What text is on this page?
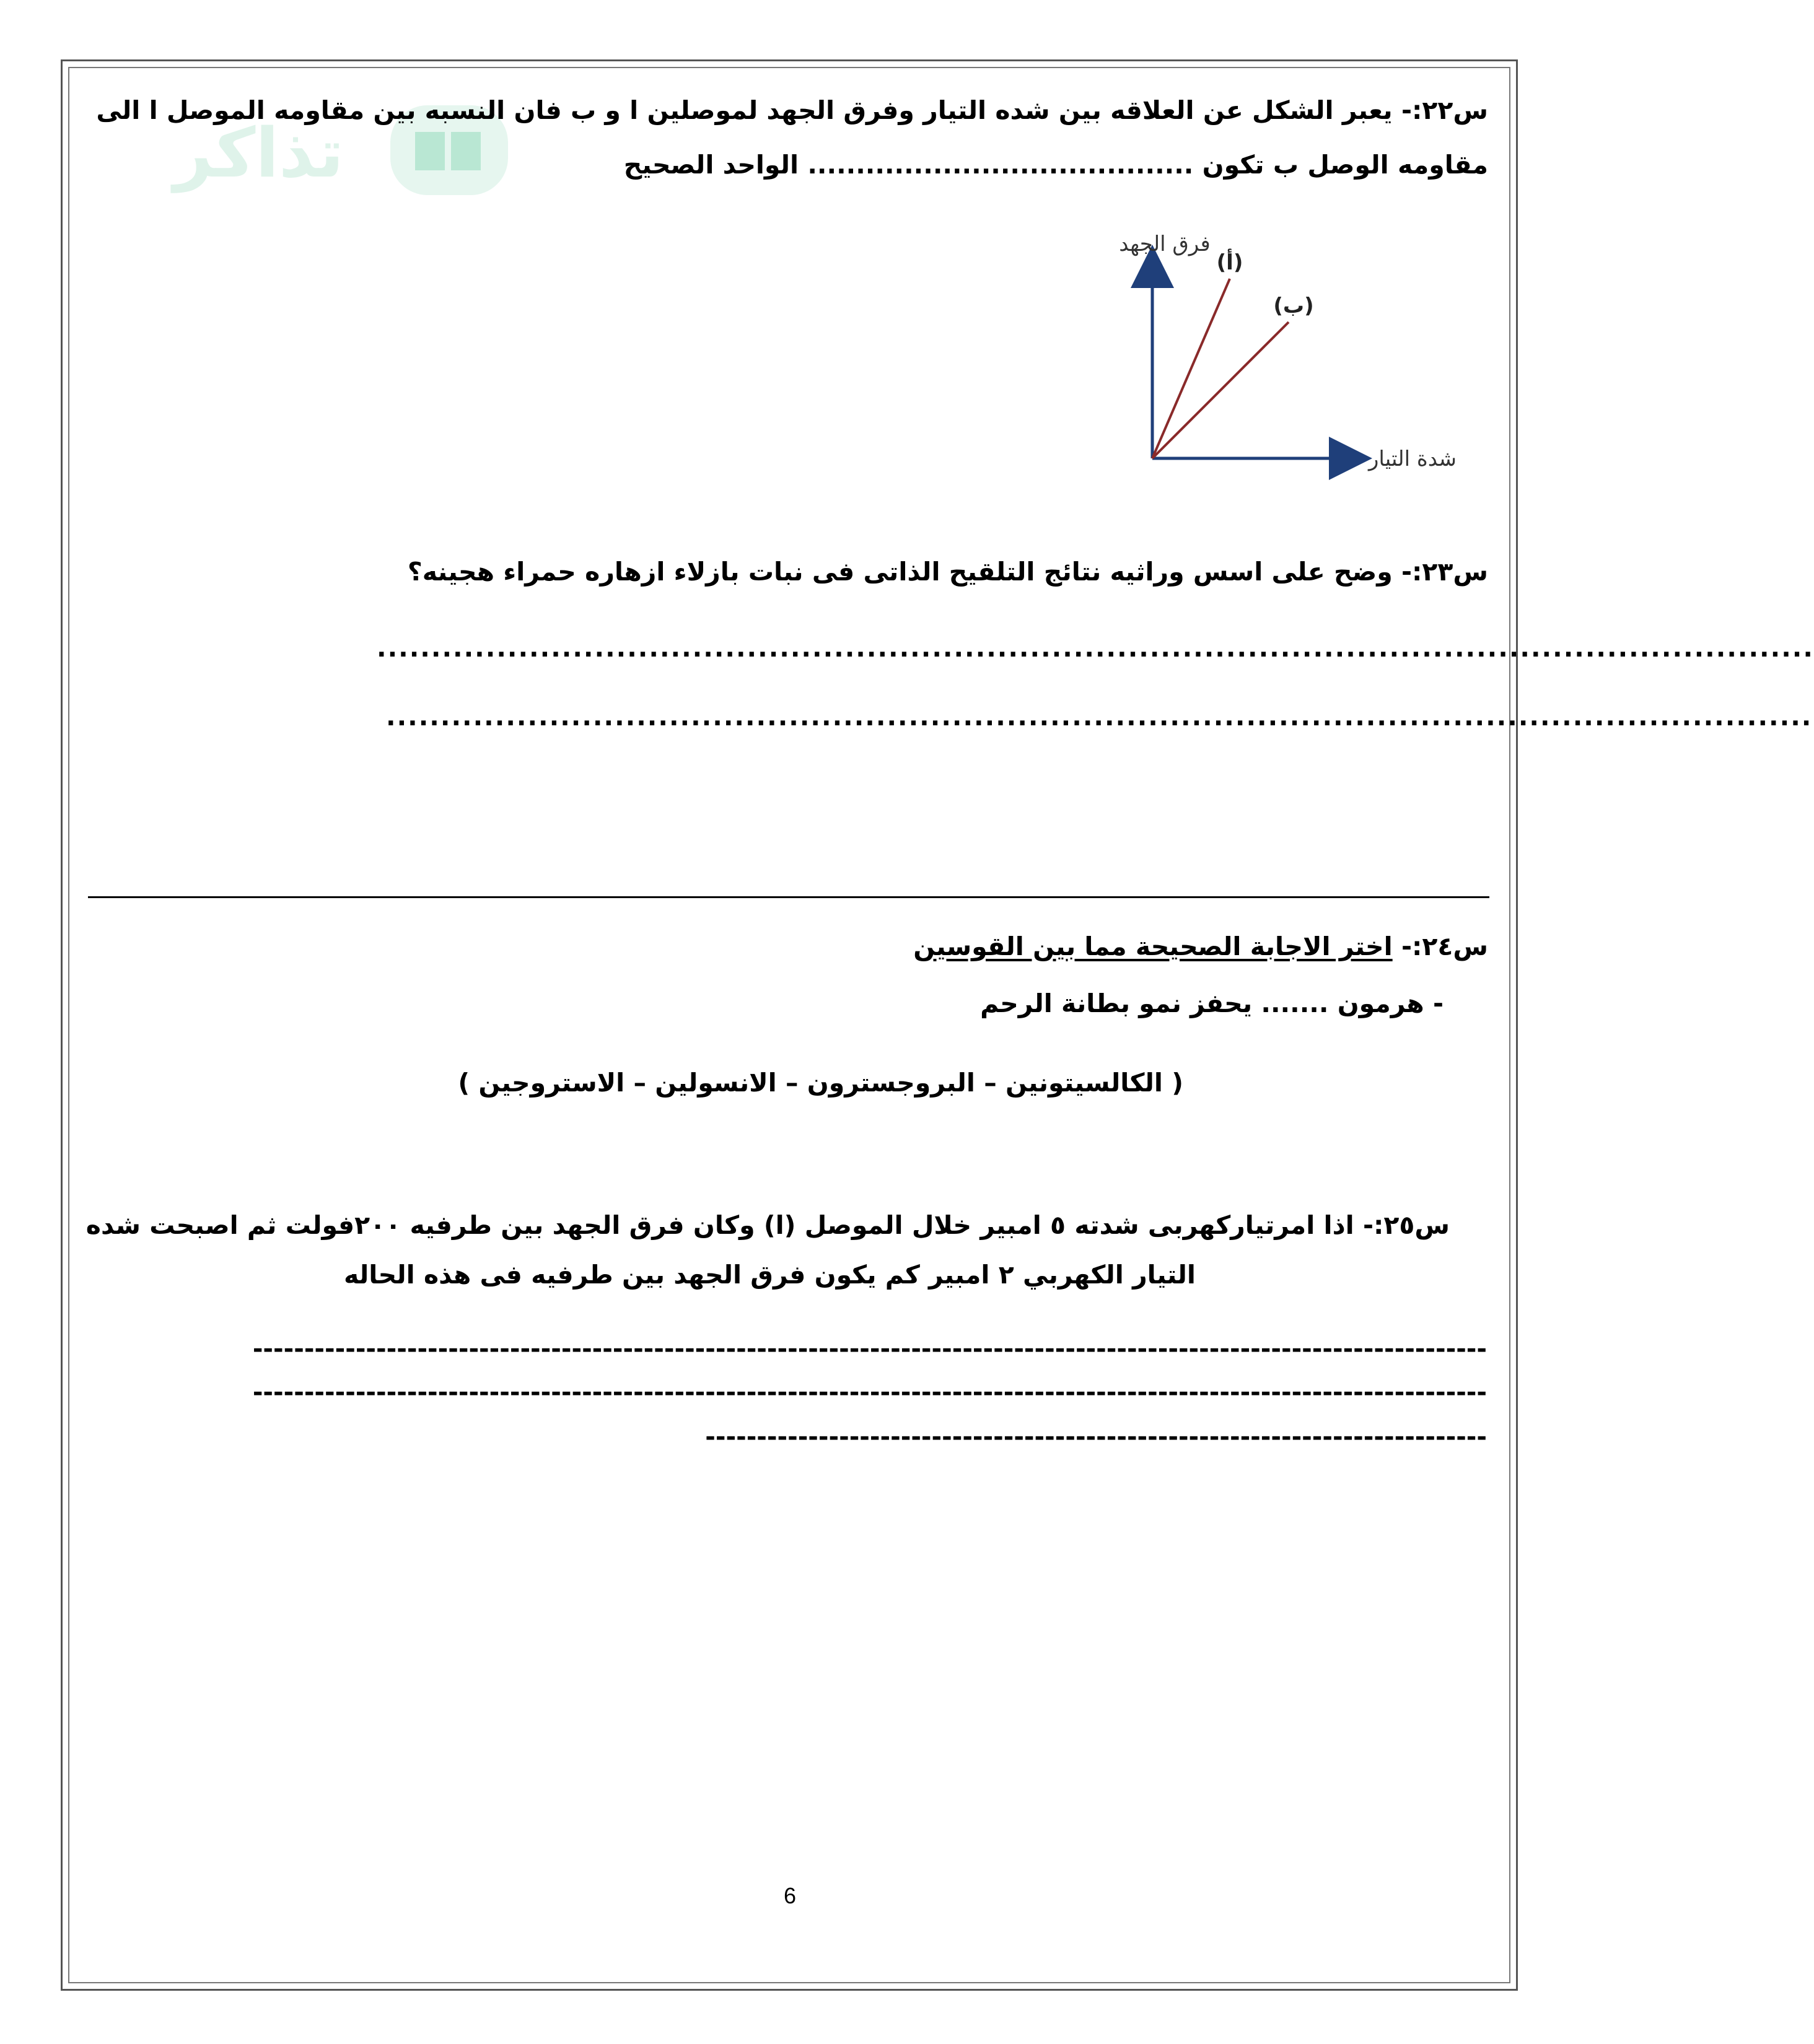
تذاكر
س٢٢:- يعبر الشكل عن العلاقه بين شده التيار وفرق الجهد لموصلين ا و ب فان النسبه بين مقاومه الموصل ا الى
مقاومه الوصل ب تكون ........................................ الواحد الصحيح
فرق الجهد
(أ)
(ب)
شدة التيار
س٢٣:- وضح على اسس وراثيه نتائج التلقيح الذاتى فى نبات بازلاء ازهاره حمراء هجينه؟
....................................................................................................................................
...................................................................................................................................
س٢٤:- اختر الاجابة الصحيحة مما بين القوسين
- هرمون ....... يحفز نمو بطانة الرحم
( الكالسيتونين – البروجسترون – الانسولين – الاستروجين )
س٢٥:- اذا امرتياركهربى شدته ٥ امبير خلال الموصل (ا) وكان فرق الجهد بين طرفيه ٢٠٠فولت ثم اصبحت شده
التيار الكهربي ٢ امبير كم يكون فرق الجهد بين طرفيه فى هذه الحاله
------------------------------------------------------------------------------------------------------------------------
------------------------------------------------------------------------------------------------------------------------
----------------------------------------------------------------------------
6
